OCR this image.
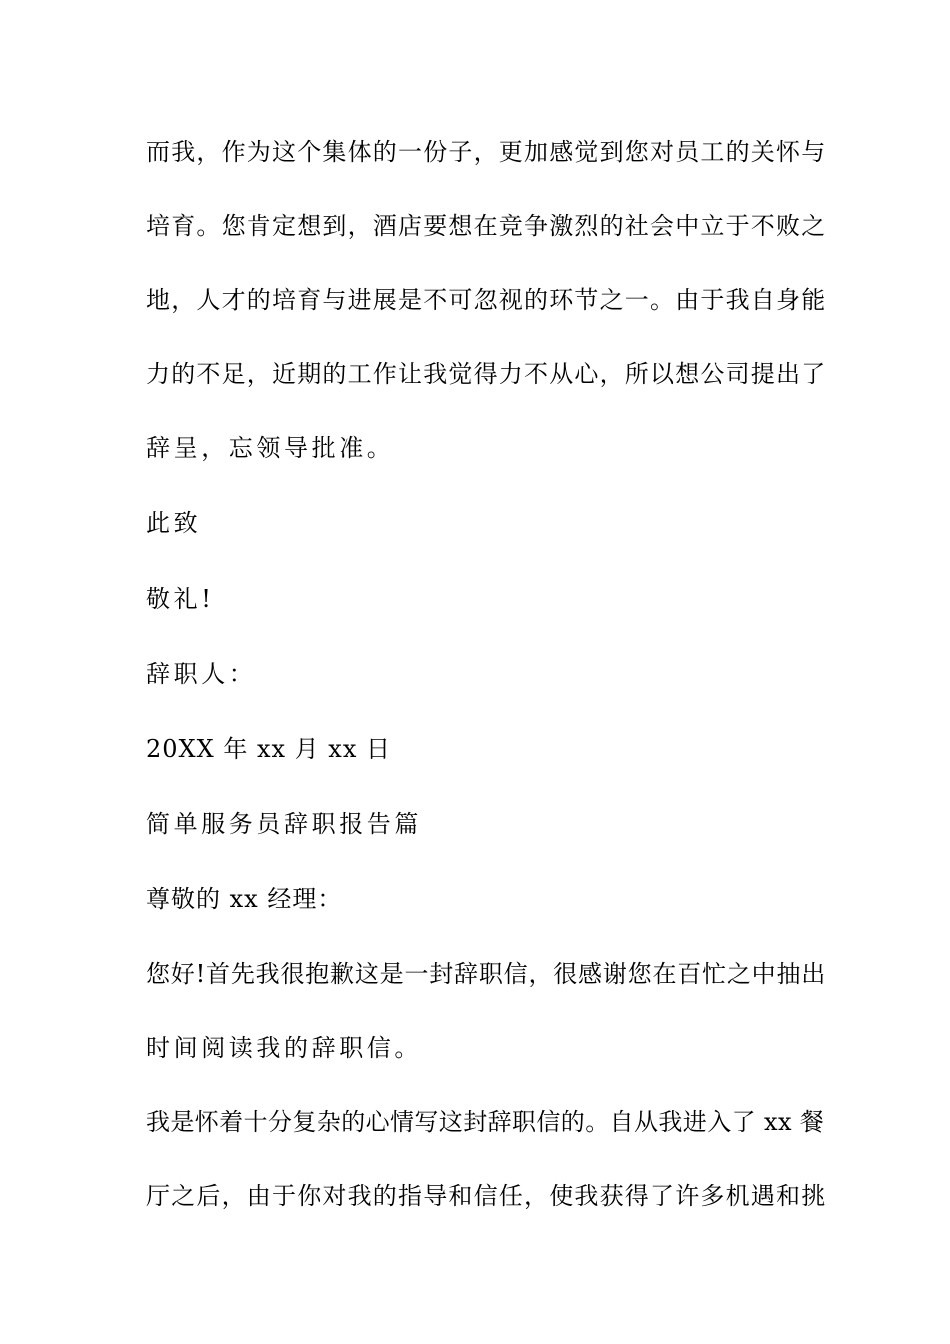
而我，作为这个集体的一份子，更加感觉到您对员工的关怀与
培育。您肯定想到，酒店要想在竞争激烈的社会中立于不败之
地，人才的培育与进展是不可忽视的环节之一。由于我自身能
力的不足，近期的工作让我觉得力不从心，所以想公司提出了
辞呈，忘领导批准。
此致
敬礼!
辞职人：
20XX 年 xx 月 xx 日
简单服务员辞职报告篇
尊敬的 xx 经理：
您好!首先我很抱歉这是一封辞职信，很感谢您在百忙之中抽出
时间阅读我的辞职信。
我是怀着十分复杂的心情写这封辞职信的。自从我进入了 xx 餐
厅之后，由于你对我的指导和信任，使我获得了许多机遇和挑
